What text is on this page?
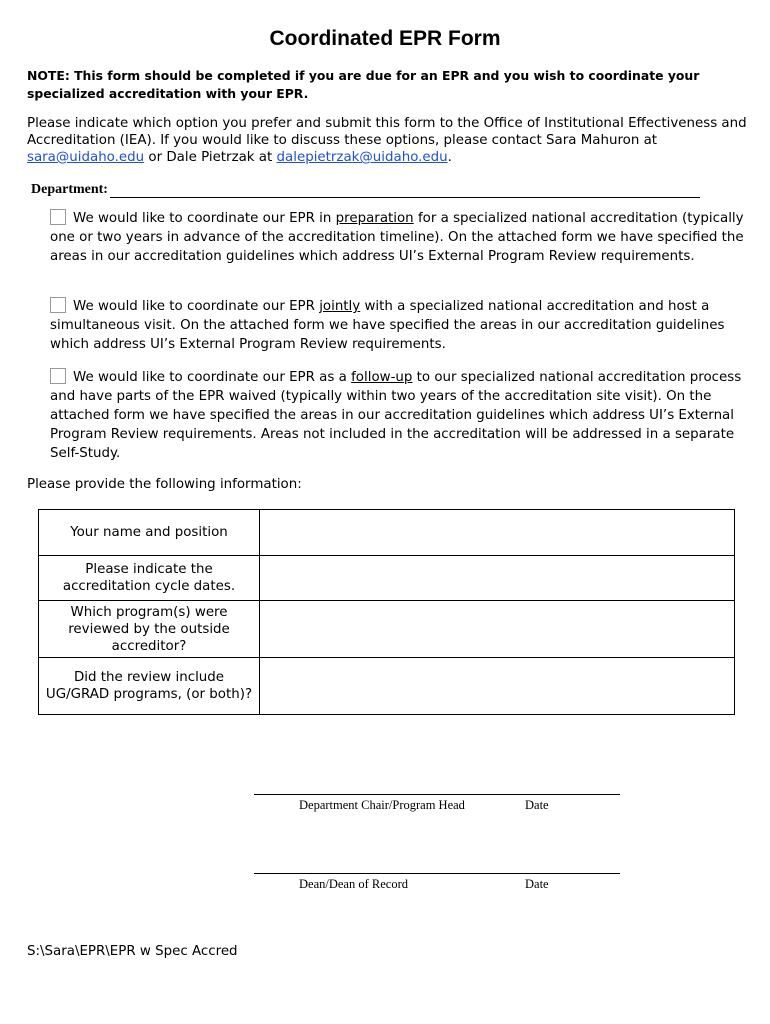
Coordinated EPR Form
NOTE: This form should be completed if you are due for an EPR and you wish to coordinate your specialized accreditation with your EPR.
Please indicate which option you prefer and submit this form to the Office of Institutional Effectiveness and Accreditation (IEA). If you would like to discuss these options, please contact Sara Mahuron at sara@uidaho.edu or Dale Pietrzak at dalepietrzak@uidaho.edu.
Department:
We would like to coordinate our EPR in preparation for a specialized national accreditation (typically one or two years in advance of the accreditation timeline). On the attached form we have specified the areas in our accreditation guidelines which address UI’s External Program Review requirements.
We would like to coordinate our EPR jointly with a specialized national accreditation and host a simultaneous visit. On the attached form we have specified the areas in our accreditation guidelines which address UI’s External Program Review requirements.
We would like to coordinate our EPR as a follow-up to our specialized national accreditation process and have parts of the EPR waived (typically within two years of the accreditation site visit). On the attached form we have specified the areas in our accreditation guidelines which address UI’s External Program Review requirements. Areas not included in the accreditation will be addressed in a separate Self-Study.
Please provide the following information:
Your name and position	
Please indicate the accreditation cycle dates.	
Which program(s) were reviewed by the outside accreditor?	
Did the review include UG/GRAD programs, (or both)?	
Department Chair/Program Head	Date
Dean/Dean of Record	Date
S:\Sara\EPR\EPR w Spec Accred
